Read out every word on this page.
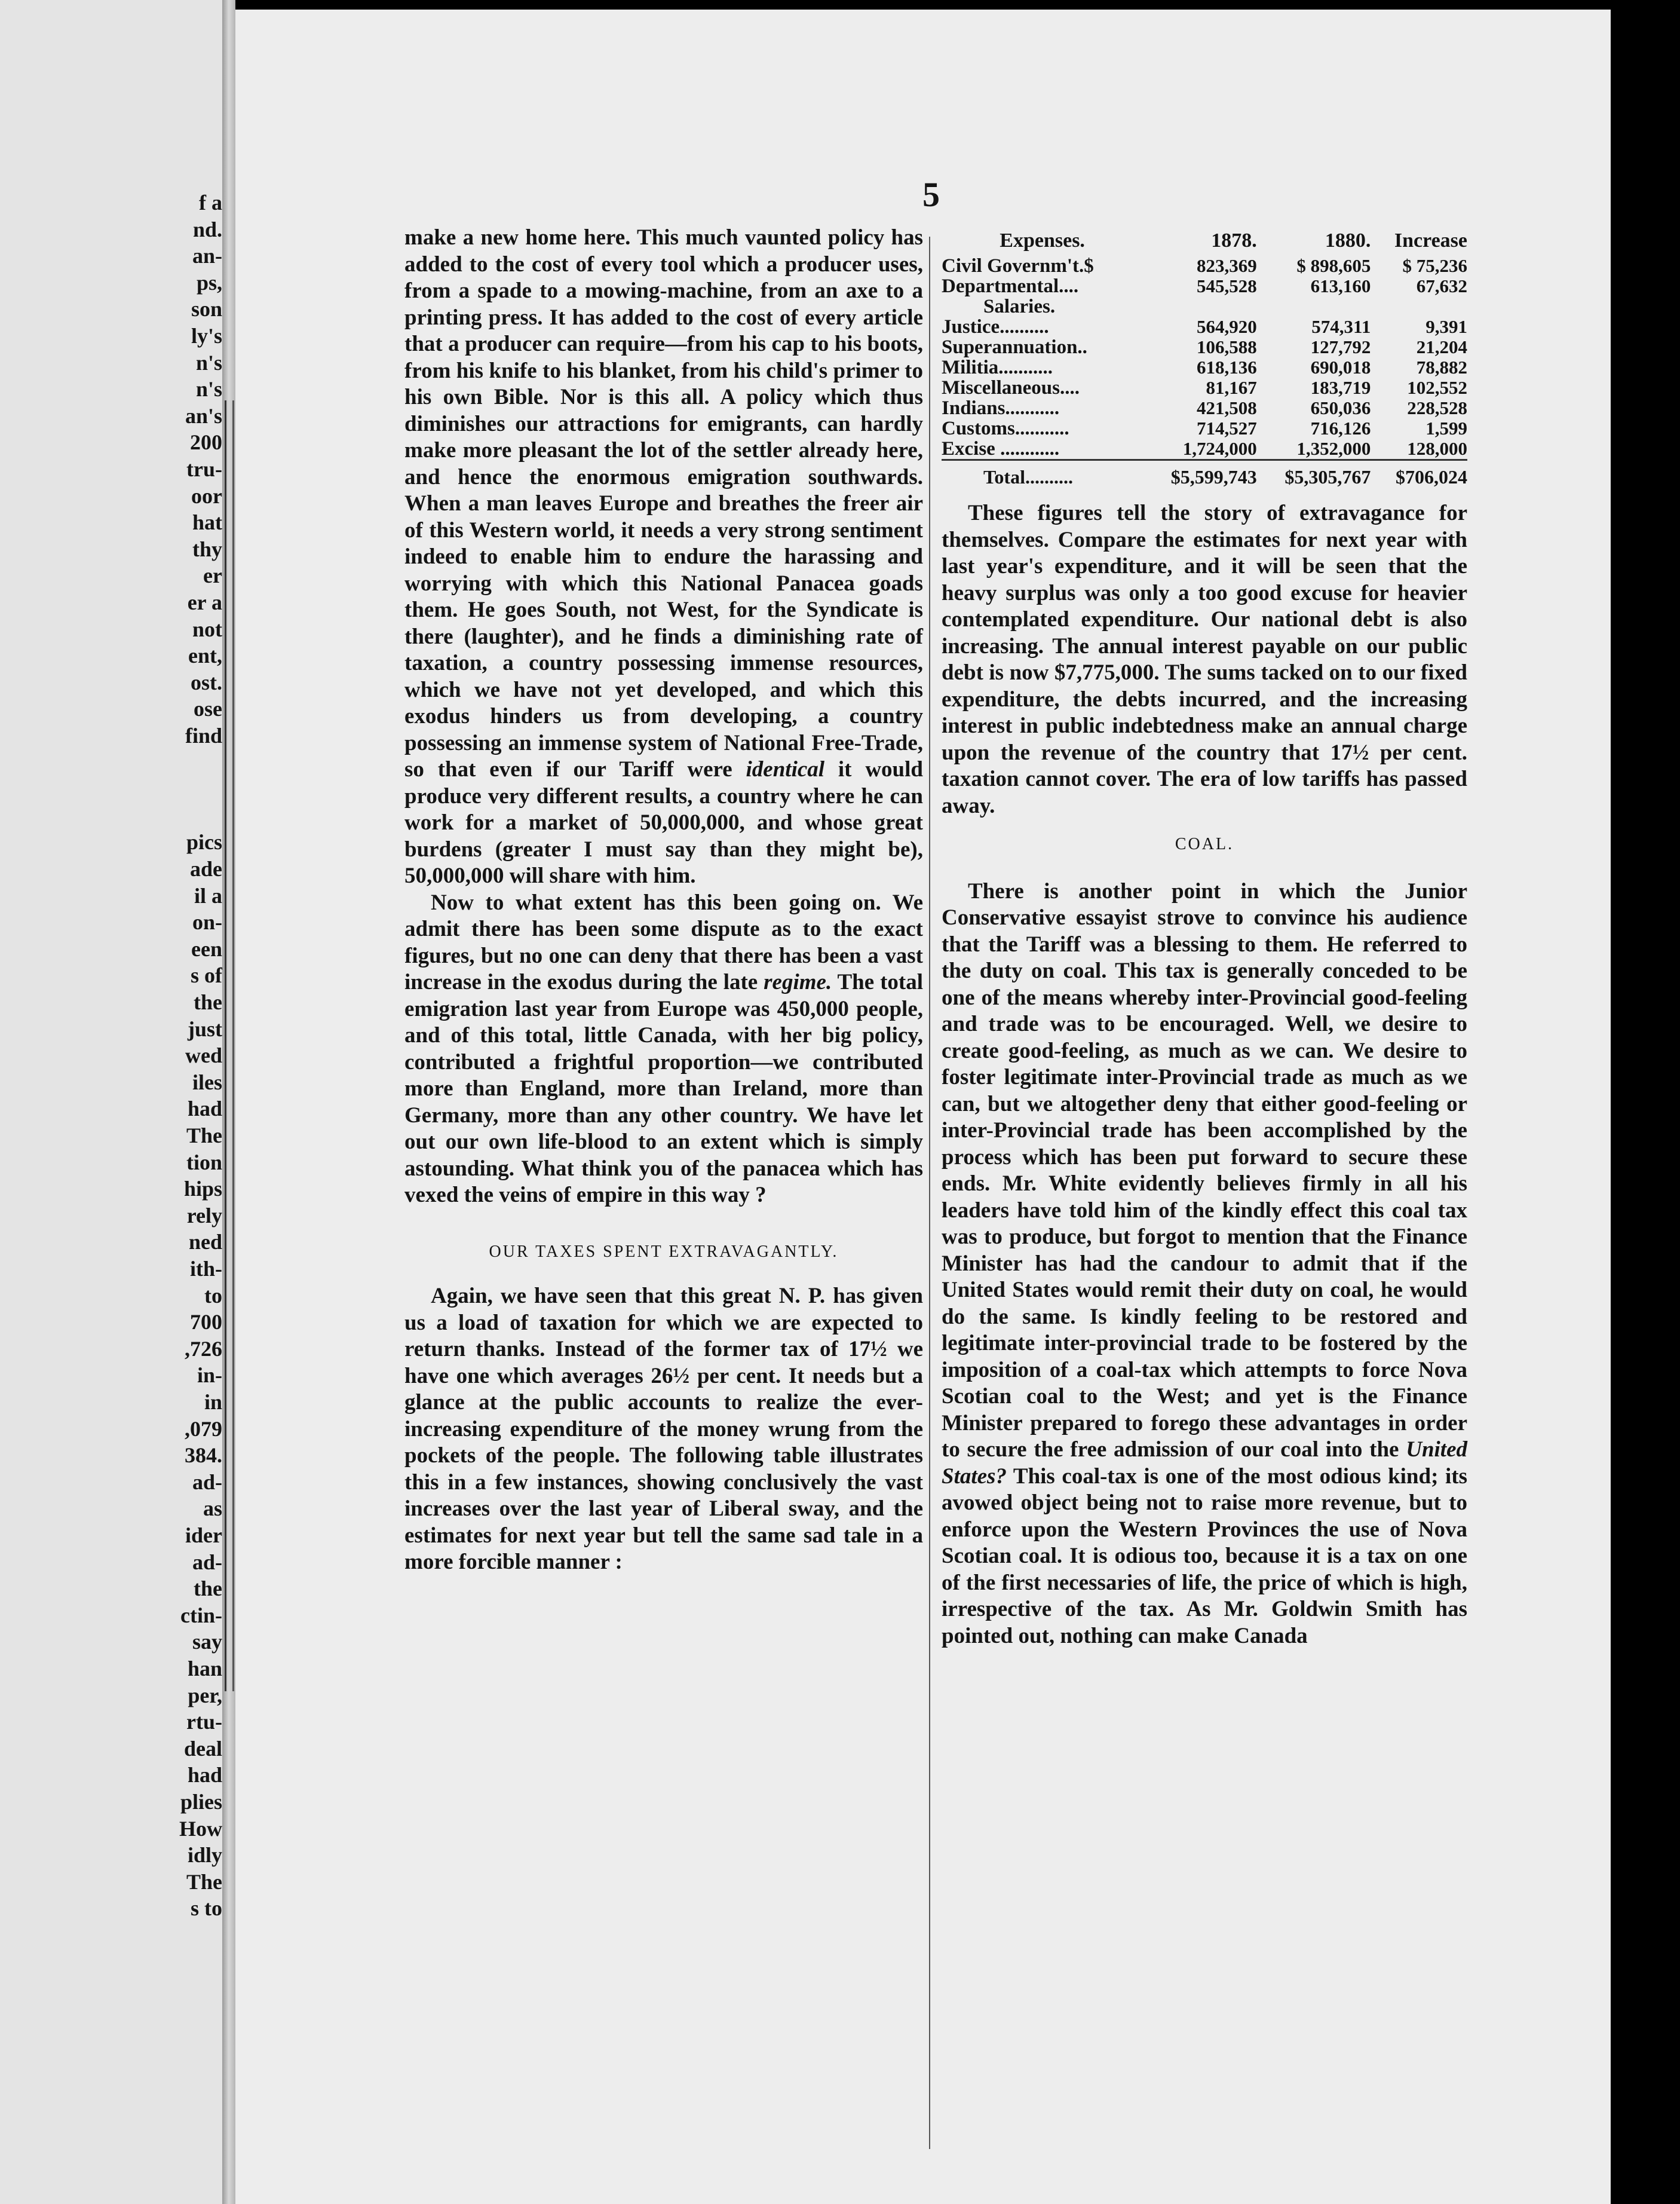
f a
nd.
an-
ps,
son
ly's
n's
n's
an's
200
tru-
oor
hat
thy
er
er a
not
ent,
ost.
ose
find
pics
ade
il a
on-
een
s of
the
just
wed
iles
had
The
tion
hips
rely
ned
ith-
to
700
,726
in-
in
,079
384.
ad-
as
ider
ad-
the
ctin-
say
han
per,
rtu-
deal
had
plies
How
idly
The
s to
5

make a new home here. This much vaunted policy has added to the cost of every tool which a producer uses, from a spade to a mowing-machine, from an axe to a printing press. It has added to the cost of every article that a producer can require—from his cap to his boots, from his knife to his blanket, from his child's primer to his own Bible. Nor is this all. A policy which thus diminishes our attractions for emigrants, can hardly make more pleasant the lot of the settler already here, and hence the enormous emigration southwards. When a man leaves Europe and breathes the freer air of this Western world, it needs a very strong sentiment indeed to enable him to endure the harassing and worrying with which this National Panacea goads them. He goes South, not West, for the Syndicate is there (laughter), and he finds a diminishing rate of taxation, a country possessing immense resources, which we have not yet developed, and which this exodus hinders us from developing, a country possessing an immense system of National Free-Trade, so that even if our Tariff were identical it would produce very different results, a country where he can work for a market of 50,000,000, and whose great burdens (greater I must say than they might be), 50,000,000 will share with him.

Now to what extent has this been going on. We admit there has been some dispute as to the exact figures, but no one can deny that there has been a vast increase in the exodus during the late regime. The total emigration last year from Europe was 450,000 people, and of this total, little Canada, with her big policy, contributed a frightful proportion—we contributed more than England, more than Ireland, more than Germany, more than any other country. We have let out our own life-blood to an extent which is simply astounding. What think you of the panacea which has vexed the veins of empire in this way ?

OUR TAXES SPENT EXTRAVAGANTLY.

Again, we have seen that this great N. P. has given us a load of taxation for which we are expected to return thanks. Instead of the former tax of 17½ we have one which averages 26½ per cent. It needs but a glance at the public accounts to realize the ever-increasing expenditure of the money wrung from the pockets of the people. The following table illustrates this in a few instances, showing conclusively the vast increases over the last year of Liberal sway, and the estimates for next year but tell the same sad tale in a more forcible manner :

Expenses.	1878.	1880.	Increase
Civil Governm't.$	823,369	$ 898,605	$ 75,236
Departmental....	545,528	613,160	67,632
Salaries.			
Justice..........	564,920	574,311	9,391
Superannuation..	106,588	127,792	21,204
Militia...........	618,136	690,018	78,882
Miscellaneous....	81,167	183,719	102,552
Indians...........	421,508	650,036	228,528
Customs...........	714,527	716,126	1,599
Excise ............	1,724,000	1,352,000	128,000
Total..........	$5,599,743	$5,305,767	$706,024

These figures tell the story of extravagance for themselves. Compare the estimates for next year with last year's expenditure, and it will be seen that the heavy surplus was only a too good excuse for heavier contemplated expenditure. Our national debt is also increasing. The annual interest payable on our public debt is now $7,775,000. The sums tacked on to our fixed expenditure, the debts incurred, and the increasing interest in public indebtedness make an annual charge upon the revenue of the country that 17½ per cent. taxation cannot cover. The era of low tariffs has passed away.

COAL.

There is another point in which the Junior Conservative essayist strove to convince his audience that the Tariff was a blessing to them. He referred to the duty on coal. This tax is generally conceded to be one of the means whereby inter-Provincial good-feeling and trade was to be encouraged. Well, we desire to create good-feeling, as much as we can. We desire to foster legitimate inter-Provincial trade as much as we can, but we altogether deny that either good-feeling or inter-Provincial trade has been accomplished by the process which has been put forward to secure these ends. Mr. White evidently believes firmly in all his leaders have told him of the kindly effect this coal tax was to produce, but forgot to mention that the Finance Minister has had the candour to admit that if the United States would remit their duty on coal, he would do the same. Is kindly feeling to be restored and legitimate inter-provincial trade to be fostered by the imposition of a coal-tax which attempts to force Nova Scotian coal to the West; and yet is the Finance Minister prepared to forego these advantages in order to secure the free admission of our coal into the United States? This coal-tax is one of the most odious kind; its avowed object being not to raise more revenue, but to enforce upon the Western Provinces the use of Nova Scotian coal. It is odious too, because it is a tax on one of the first necessaries of life, the price of which is high, irrespective of the tax. As Mr. Goldwin Smith has pointed out, nothing can make Canada
